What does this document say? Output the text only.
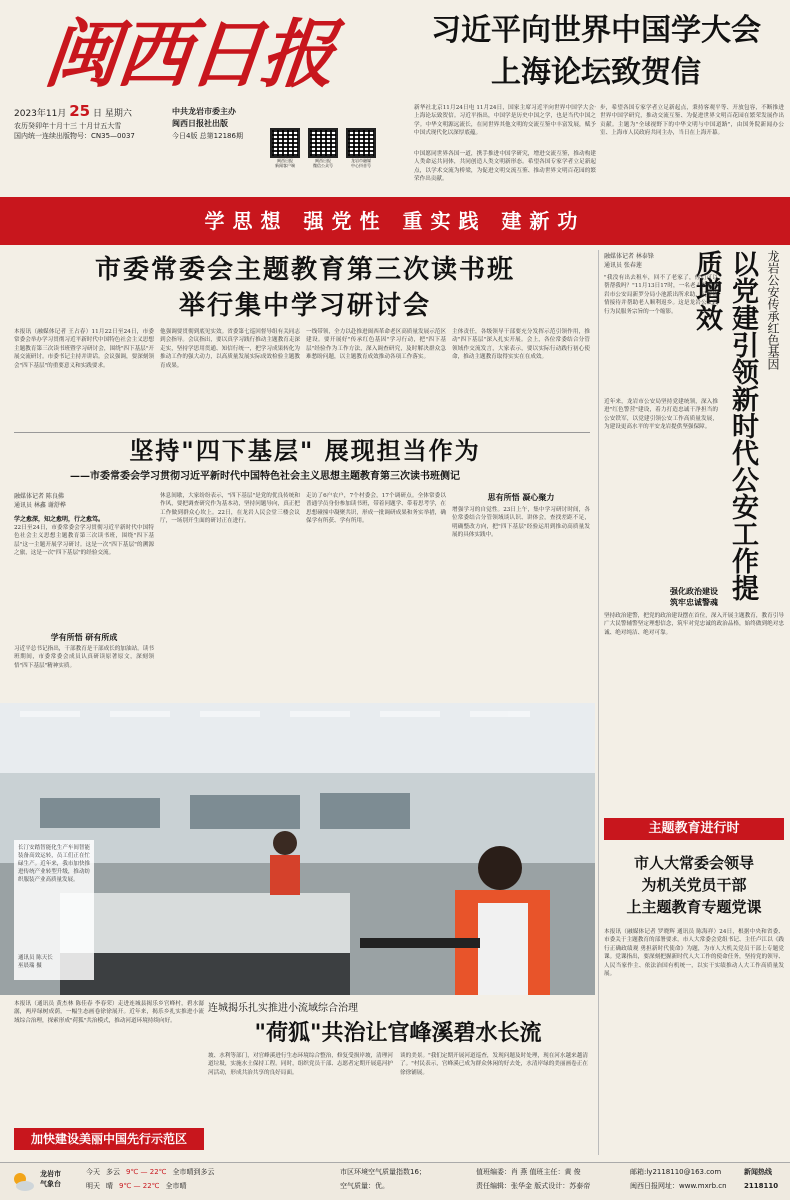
闽西日报
2023年11月 25 日 星期六
农历癸卯年十月十三 十月廿五大雪
国内统一连续出版物号：CN35—0037
中共龙岩市委主办
闽西日报社出版
今日4版 总第12186期
闽西日报
新闻客户端
闽西日报
微信公众号
龙岩市融媒
中心抖音号
习近平向世界中国学大会
上海论坛致贺信
新华社北京11月24日电 11月24日，国家主席习近平向世界中国学大会·上海论坛致贺信。习近平指出，中国学是历史中国之学，也是当代中国之学。中华文明源远流长，在同世界其他文明的交流互鉴中丰富发展，赋予中国式现代化以深厚底蕴。
步，希望各国专家学者立足新起点，秉持客观平等、开放包容，不断推进世界中国学研究，推动交流互鉴、为促进世界文明百花园在繁荣发展作出贡献。主题为"全球视野下的中华文明与中国道路"，由国务院新闻办公室、上海市人民政府共同主办，当日在上海开幕。
中国愿同世界各国一道，携手推进中国学研究，增进交流互鉴，推动构建人类命运共同体，共同创造人类文明新形态。希望各国专家学者立足新起点，以学术交流为桥梁，为促进文明交流互鉴、推动世界文明百花园的繁荣作出贡献。
学思想 强党性 重实践 建新功
市委常委会主题教育第三次读书班
举行集中学习研讨会
本报讯（融媒体记者 王占春）11月22日至24日，市委常委会举办学习贯彻习近平新时代中国特色社会主义思想主题教育第三次读书班暨学习研讨会，围绕"四下基层"开展交流研讨。市委书记主持并讲话。会议强调，要深刻领会"四下基层"的重要意义和实践要求。
他强调要贯彻到底见实效。省委第七巡回督导组有关同志到会指导。会议指出，要以真学习践行推动主题教育走深走实，坚持学思用贯通、知信行统一，把学习成果转化为推动工作的强大动力，以高质量发展实际成效检验主题教育成果。
一线带领，全力以赴推进闽西革命老区高质量发展示范区建设。要开展好"传承红色基因"学习行动，把"四下基层"经验作为工作方法，深入调查研究，及时解决群众急难愁盼问题，以主题教育成效推动各项工作落实。
主体责任，各级领导干部要充分发挥示范引领作用，推动"四下基层"深入扎实开展。会上，各位常委结合分管领域作交流发言，大家表示，要以实际行动践行初心使命，推动主题教育取得实实在在成效。
坚持"四下基层" 展现担当作为
——市委常委会学习贯彻习近平新时代中国特色社会主义思想主题教育第三次读书班侧记
融媒体记者 陈良佛
通讯员 林鑫 谢舒桦
学之愈深，知之愈明，行之愈笃。
22日至24日，市委常委会学习贯彻习近平新时代中国特色社会主义思想主题教育第三次读书班，围绕"四下基层"这一主题开展学习研讨。这是一次"四下基层"的溯源之旅，这是一次"四下基层"的经验交流。
学有所悟 研有所成
习近平总书记指出，干部教育是干部成长的加油站。读书班期间，市委常委会成员认真研读原著原文，深刻领悟"四下基层"精神实质。
休息间歇，大家纷纷表示，"四下基层"是党的优良传统和作风，要把调查研究作为基本功，坚持问题导向，真正把工作做到群众心坎上。22日，在龙岩人民会堂三楼会议厅，一场别开生面的研讨正在进行。
走访了6户农户，7个村委会，17个调研点。全体常委以普通学员身份参加读书班，带着问题学、带着思考学，在思想碰撞中凝聚共识，形成一批调研成果和务实举措，确保学有所获、学有所用。
思有所悟 凝心聚力
增强学习的自觉性。23日上午，集中学习研讨时间，各位常委结合分管领域谈认识、讲体会，查找差距不足，明确整改方向，把"四下基层"经验运用到推动高质量发展的具体实践中。
长汀安踏智能化生产车间智能装备高效运转，员工们正在忙碌生产。近年来，我市加快推进传统产业转型升级，推动纺织服装产业高质量发展。
通讯员 陈天长
巫晨瑞 摄
本报讯（通讯员 黄杰林 陈佳春 李春荣）走进连城县揭乐乡官峰村，碧水潺潺，两岸绿树成荫，一幅生态画卷徐徐展开。近年来，揭乐乡扎实推进小流域综合治理，探索形成"荷狐"共治模式，推动河道环境持续向好。
连城揭乐扎实推进小流域综合治理
"荷狐"共治让官峰溪碧水长流
坡、水利等部门，对官峰溪进行生态环境综合整治，修复受损岸坡，清理河道垃圾，实施水土保持工程。同时，组织党员干部、志愿者定期开展巡河护河活动，形成共治共享的良好局面。
谈的美景。"我们定期开展河道巡查，发现问题及时处理，现在河水越来越清了。"村民表示，官峰溪已成为群众休闲的好去处，水清岸绿的美丽画卷正在徐徐铺展。
加快建设美丽中国先行示范区
融媒体记者 林泰锋
通讯员 张春莲	龙岩公安传承红色基因
以党建引领新时代公安工作提质增效
"我没有出去租车，回不了老家了，你们可以帮帮我吗？"11月13日17时，一名老人来到龙岩市公安局新罗分局小池派出所求助，民警热情接待并帮助老人顺利返乡。这是龙岩公安践行为民服务宗旨的一个缩影。
近年来，龙岩市公安局坚持党建统领，深入推进"红色警营"建设，着力打造忠诚干净担当的公安铁军，以党建引领公安工作高质量发展，为建设更高水平的平安龙岩提供坚强保障。
强化政治建设
筑牢忠诚警魂
坚持政治建警，把党的政治建设摆在首位，深入开展主题教育，教育引导广大民警辅警坚定理想信念，筑牢对党忠诚的政治品格，始终做到绝对忠诚、绝对纯洁、绝对可靠。
主题教育进行时
市人大常委会领导
为机关党员干部
上主题教育专题党课
本报讯（融媒体记者 罗晓辉 通讯员 陈海祥）24日，根据中央和省委、市委关于主题教育的部署要求，市人大常委会党组书记、主任卢江以《践行正确政绩观 勇担新时代使命》为题，为市人大机关党员干部上专题党课。党课指出，要深刻把握新时代人大工作的使命任务，坚持党的领导、人民当家作主、依法治国有机统一，以实干实绩推动人大工作高质量发展。
龙岩市
气象台
今天 多云 9℃ — 22℃ 全市晴到多云
明天 晴 9℃ — 22℃ 全市晴
市区环境空气质量指数16；
空气质量：优。
值班编委：肖 燕 值班主任：黄 俊
责任编辑：张华金 版式设计：苏泰帝
邮箱:ly2118110@163.com
闽西日报网址：www.mxrb.cn
新闻热线
2118110
